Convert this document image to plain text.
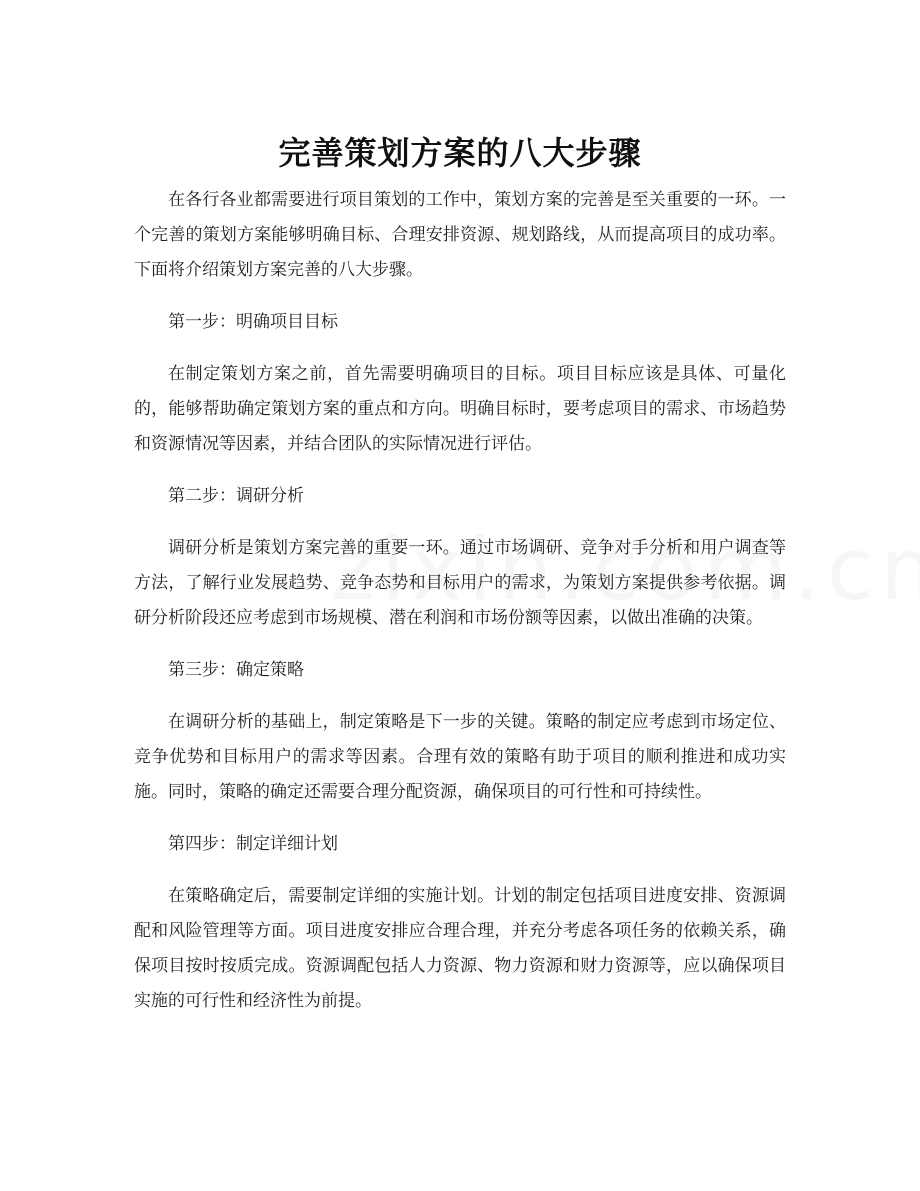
完善策划方案的八大步骤

在各行各业都需要进行项目策划的工作中，策划方案的完善是至关重要的一环。一个完善的策划方案能够明确目标、合理安排资源、规划路线，从而提高项目的成功率。下面将介绍策划方案完善的八大步骤。

第一步：明确项目目标

在制定策划方案之前，首先需要明确项目的目标。项目目标应该是具体、可量化的，能够帮助确定策划方案的重点和方向。明确目标时，要考虑项目的需求、市场趋势和资源情况等因素，并结合团队的实际情况进行评估。

第二步：调研分析

调研分析是策划方案完善的重要一环。通过市场调研、竞争对手分析和用户调查等方法，了解行业发展趋势、竞争态势和目标用户的需求，为策划方案提供参考依据。调研分析阶段还应考虑到市场规模、潜在利润和市场份额等因素，以做出准确的决策。

第三步：确定策略

在调研分析的基础上，制定策略是下一步的关键。策略的制定应考虑到市场定位、竞争优势和目标用户的需求等因素。合理有效的策略有助于项目的顺利推进和成功实施。同时，策略的确定还需要合理分配资源，确保项目的可行性和可持续性。

第四步：制定详细计划

在策略确定后，需要制定详细的实施计划。计划的制定包括项目进度安排、资源调配和风险管理等方面。项目进度安排应合理合理，并充分考虑各项任务的依赖关系，确保项目按时按质完成。资源调配包括人力资源、物力资源和财力资源等，应以确保项目实施的可行性和经济性为前提。
